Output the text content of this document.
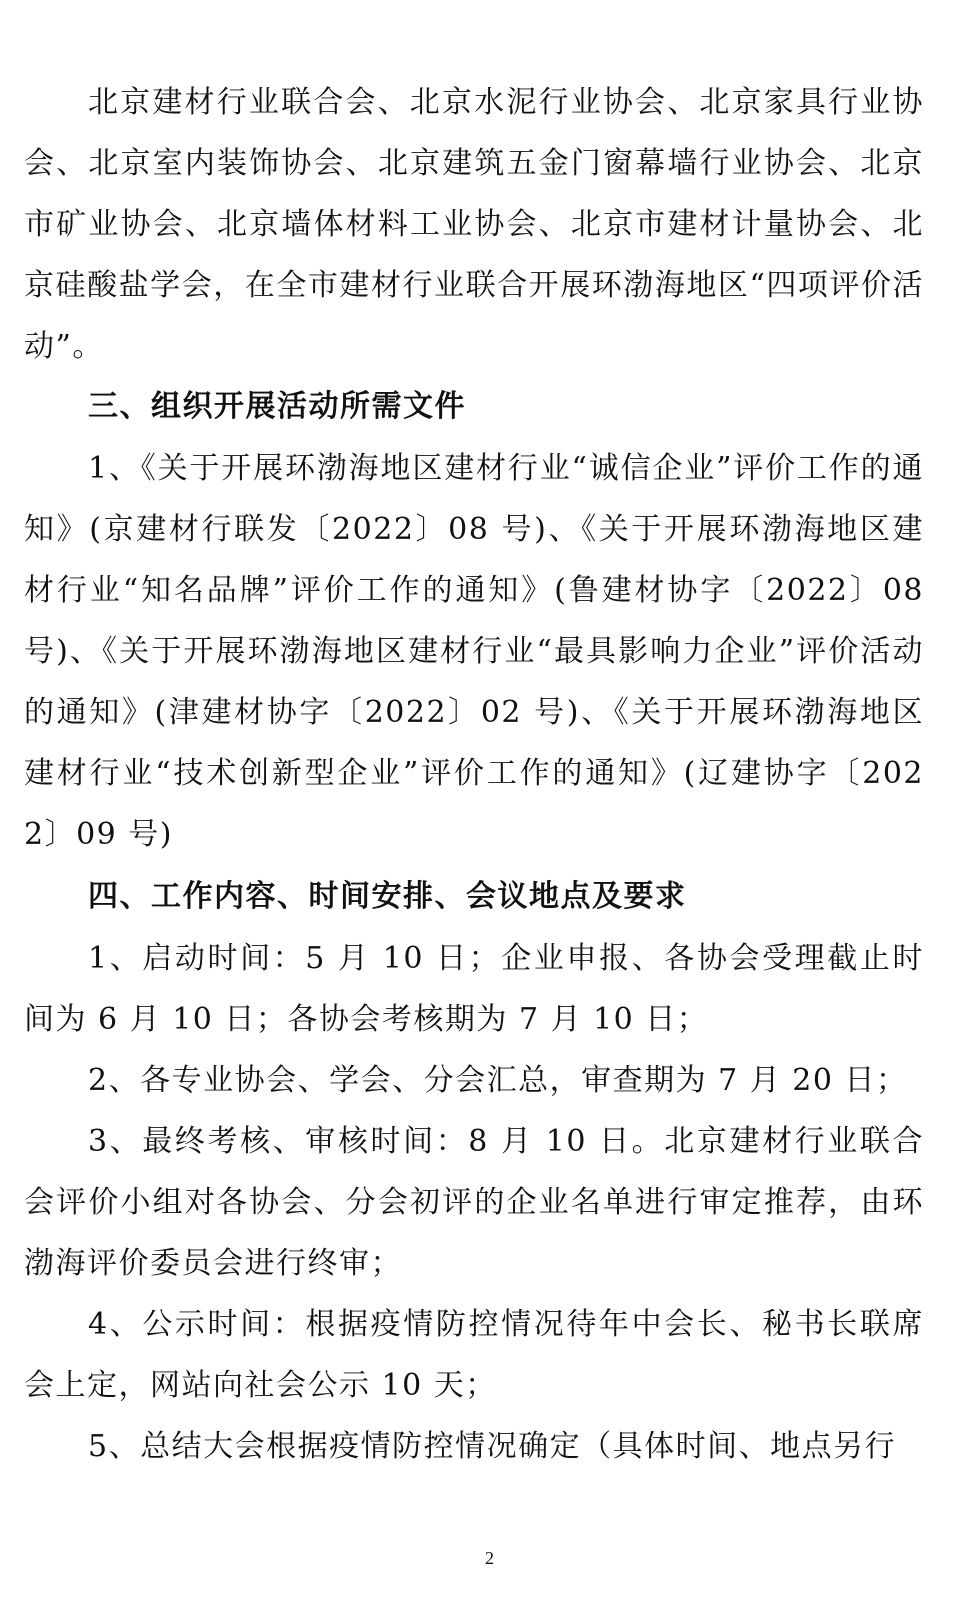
北京建材行业联合会、北京水泥行业协会、北京家具行业协会、北京室内装饰协会、北京建筑五金门窗幕墙行业协会、北京市矿业协会、北京墙体材料工业协会、北京市建材计量协会、北京硅酸盐学会，在全市建材行业联合开展环渤海地区“四项评价活动”。

三、组织开展活动所需文件

1、《关于开展环渤海地区建材行业“诚信企业”评价工作的通知》(京建材行联发〔2022〕08 号)、《关于开展环渤海地区建材行业“知名品牌”评价工作的通知》(鲁建材协字〔2022〕08 号)、《关于开展环渤海地区建材行业“最具影响力企业”评价活动的通知》(津建材协字〔2022〕02 号)、《关于开展环渤海地区建材行业“技术创新型企业”评价工作的通知》(辽建协字〔2022〕09 号)

四、工作内容、时间安排、会议地点及要求

1、启动时间：5 月 10 日；企业申报、各协会受理截止时间为 6 月 10 日；各协会考核期为 7 月 10 日；

2、各专业协会、学会、分会汇总，审查期为 7 月 20 日；

3、最终考核、审核时间：8 月 10 日。北京建材行业联合会评价小组对各协会、分会初评的企业名单进行审定推荐，由环渤海评价委员会进行终审；

4、公示时间：根据疫情防控情况待年中会长、秘书长联席会上定，网站向社会公示 10 天；

5、总结大会根据疫情防控情况确定（具体时间、地点另行

2
